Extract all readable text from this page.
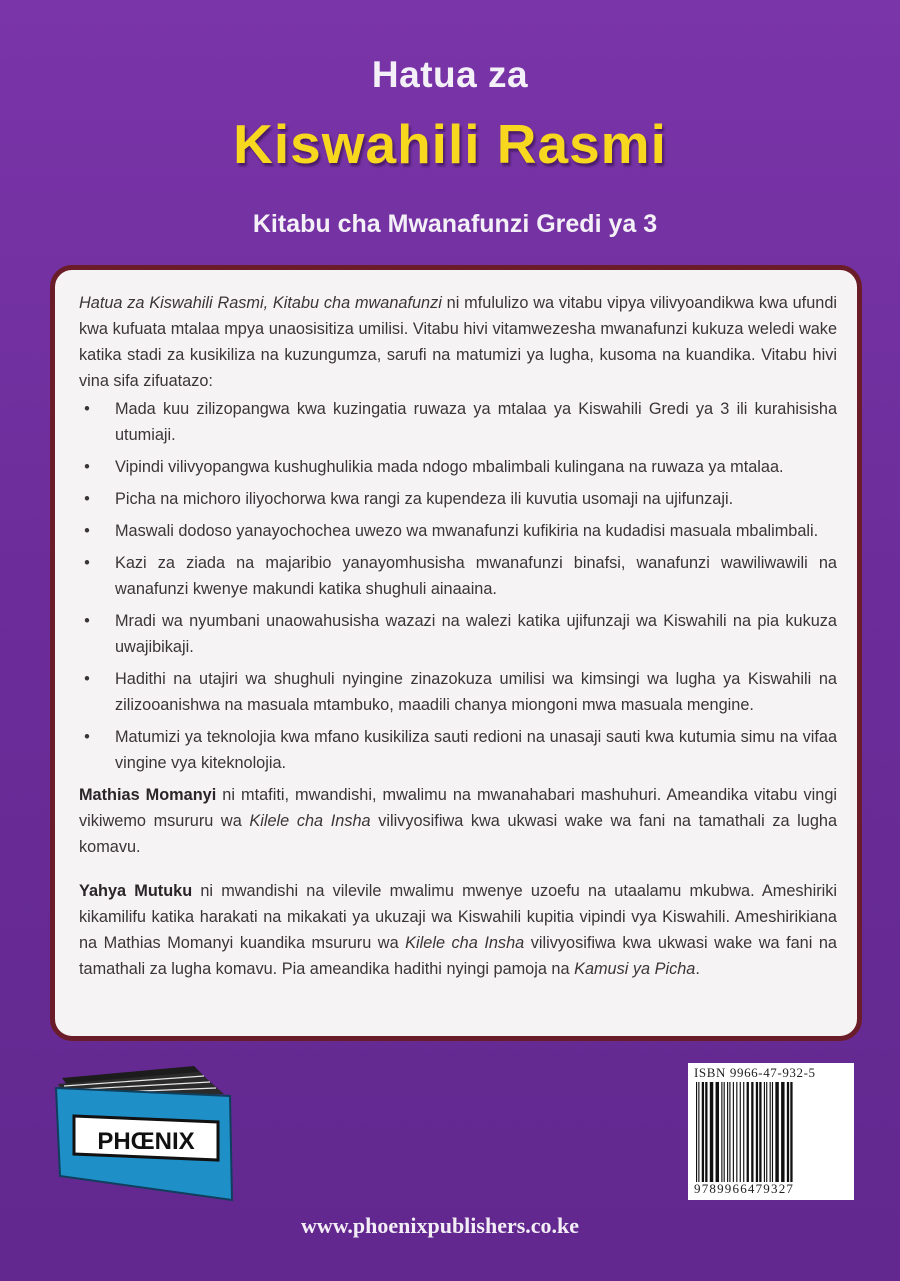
Hatua za
Kiswahili Rasmi
Kitabu cha Mwanafunzi Gredi ya 3

Hatua za Kiswahili Rasmi, Kitabu cha mwanafunzi ni mfululizo wa vitabu vipya vilivyoandikwa kwa ufundi kwa kufuata mtalaa mpya unaosisitiza umilisi. Vitabu hivi vitamwezesha mwanafunzi kukuza weledi wake katika stadi za kusikiliza na kuzungumza, sarufi na matumizi ya lugha, kusoma na kuandika. Vitabu hivi vina sifa zifuatazo:

• Mada kuu zilizopangwa kwa kuzingatia ruwaza ya mtalaa ya Kiswahili Gredi ya 3 ili kurahisisha utumiaji.
• Vipindi vilivyopangwa kushughulikia mada ndogo mbalimbali kulingana na ruwaza ya mtalaa.
• Picha na michoro iliyochorwa kwa rangi za kupendeza ili kuvutia usomaji na ujifunzaji.
• Maswali dodoso yanayochochea uwezo wa mwanafunzi kufikiria na kudadisi masuala mbalimbali.
• Kazi za ziada na majaribio yanayomhusisha mwanafunzi binafsi, wanafunzi wawiliwawili na wanafunzi kwenye makundi katika shughuli ainaaina.
• Mradi wa nyumbani unaowahusisha wazazi na walezi katika ujifunzaji wa Kiswahili na pia kukuza uwajibikaji.
• Hadithi na utajiri wa shughuli nyingine zinazokuza umilisi wa kimsingi wa lugha ya Kiswahili na zilizooanishwa na masuala mtambuko, maadili chanya miongoni mwa masuala mengine.
• Matumizi ya teknolojia kwa mfano kusikiliza sauti redioni na unasaji sauti kwa kutumia simu na vifaa vingine vya kiteknolojia.

Mathias Momanyi ni mtafiti, mwandishi, mwalimu na mwanahabari mashuhuri. Ameandika vitabu vingi vikiwemo msururu wa Kilele cha Insha vilivyosifiwa kwa ukwasi wake wa fani na tamathali za lugha komavu.

Yahya Mutuku ni mwandishi na vilevile mwalimu mwenye uzoefu na utaalamu mkubwa. Ameshiriki kikamilifu katika harakati na mikakati ya ukuzaji wa Kiswahili kupitia vipindi vya Kiswahili. Ameshirikiana na Mathias Momanyi kuandika msururu wa Kilele cha Insha vilivyosifiwa kwa ukwasi wake wa fani na tamathali za lugha komavu. Pia ameandika hadithi nyingi pamoja na Kamusi ya Picha.

PHŒNIX
ISBN 9966-47-932-5
9789966479327
www.phoenixpublishers.co.ke
